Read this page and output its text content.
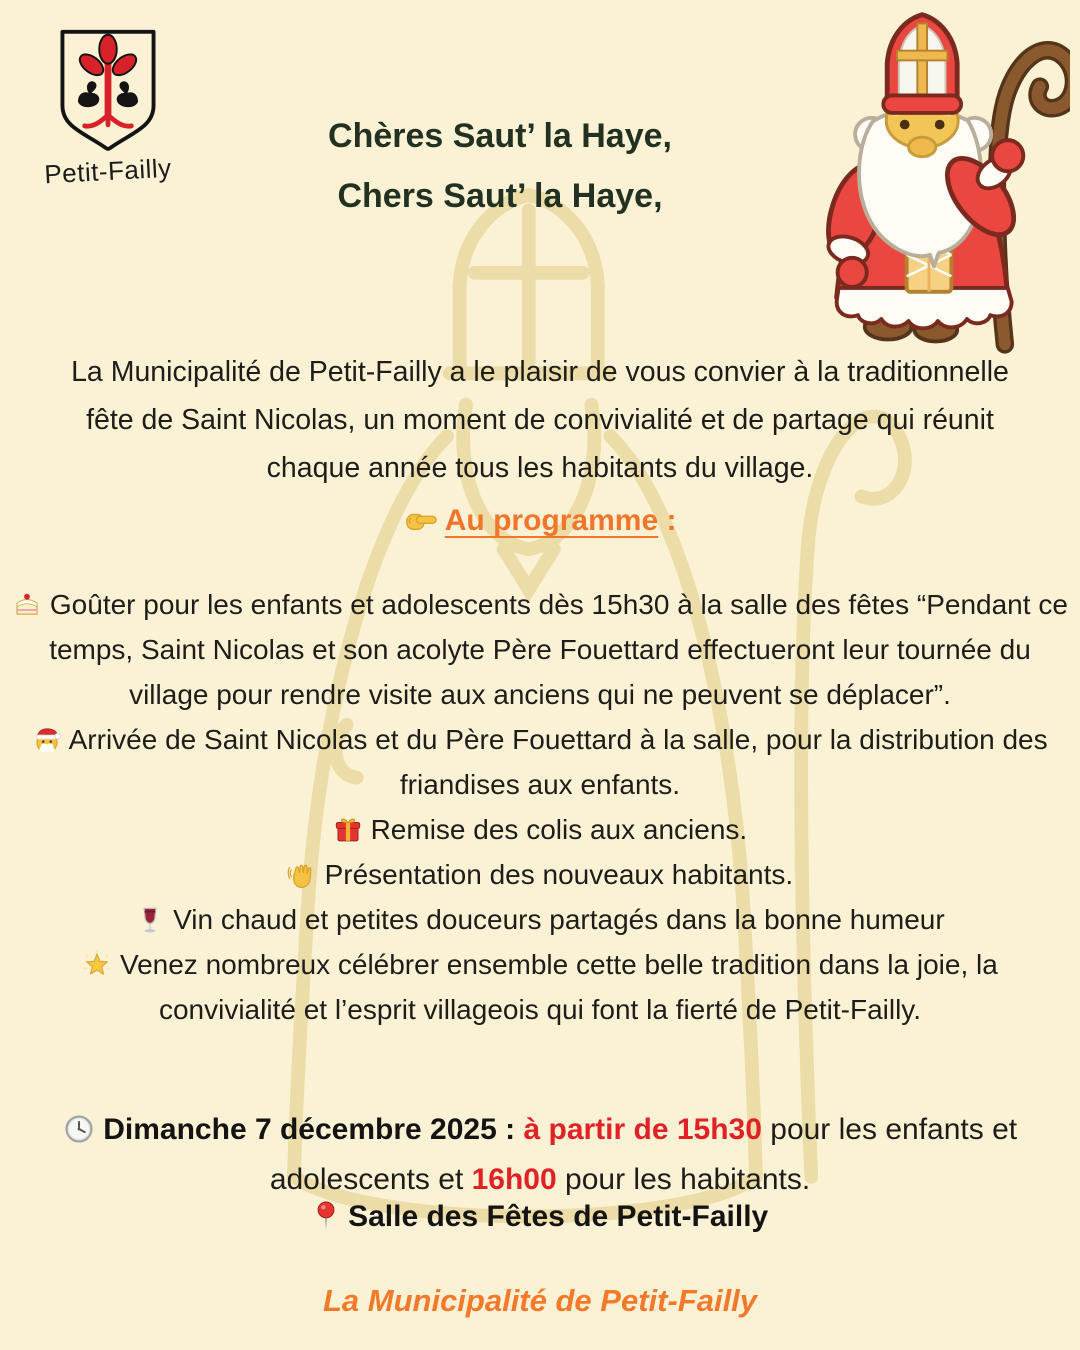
Petit-Failly
Chères Saut’ la Haye,
Chers Saut’ la Haye,
La Municipalité de Petit-Failly a le plaisir de vous convier à la traditionnelle fête de Saint Nicolas, un moment de convivialité et de partage qui réunit chaque année tous les habitants du village.
Au programme :

Goûter pour les enfants et adolescents dès 15h30 à la salle des fêtes “Pendant ce temps, Saint Nicolas et son acolyte Père Fouettard effectueront leur tournée du village pour rendre visite aux anciens qui ne peuvent se déplacer”.

Arrivée de Saint Nicolas et du Père Fouettard à la salle, pour la distribution des friandises aux enfants.

Remise des colis aux anciens.

Présentation des nouveaux habitants.

Vin chaud et petites douceurs partagés dans la bonne humeur

Venez nombreux célébrer ensemble cette belle tradition dans la joie, la convivialité et l’esprit villageois qui font la fierté de Petit-Failly.

Dimanche 7 décembre 2025 : à partir de 15h30 pour les enfants et
adolescents et 16h00 pour les habitants.
Salle des Fêtes de Petit-Failly
La Municipalité de Petit-Failly
